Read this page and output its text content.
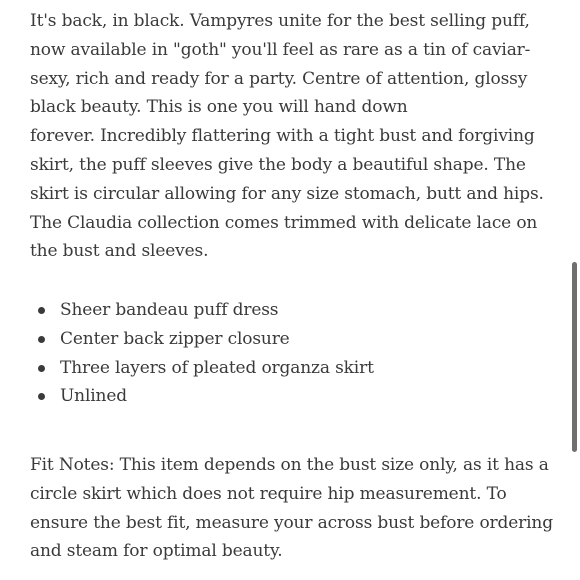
It's back, in black. Vampyres unite for the best selling puff,
now available in "goth" you'll feel as rare as a tin of caviar-
sexy, rich and ready for a party. Centre of attention, glossy
black beauty. This is one you will hand down
forever. Incredibly flattering with a tight bust and forgiving
skirt, the puff sleeves give the body a beautiful shape. The
skirt is circular allowing for any size stomach, butt and hips.
The Claudia collection comes trimmed with delicate lace on
the bust and sleeves.

Sheer bandeau puff dress
Center back zipper closure
Three layers of pleated organza skirt
Unlined

Fit Notes: This item depends on the bust size only, as it has a
circle skirt which does not require hip measurement. To
ensure the best fit, measure your across bust before ordering
and steam for optimal beauty.
